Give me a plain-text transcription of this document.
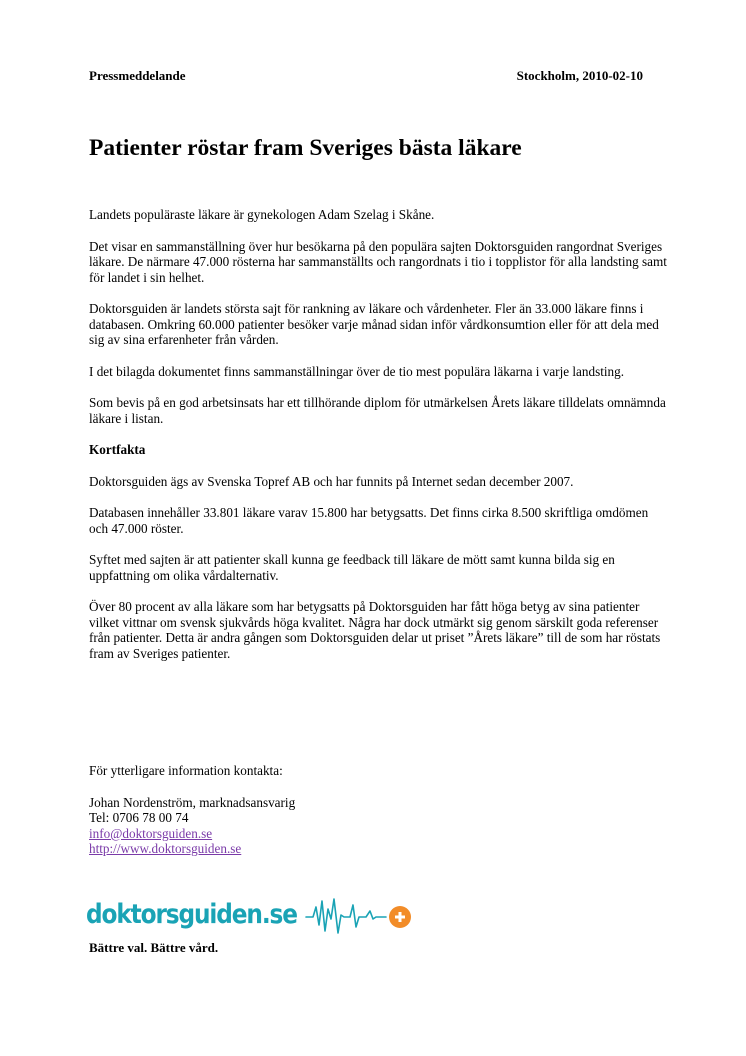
Pressmeddelande	Stockholm, 2010-02-10
Patienter röstar fram Sveriges bästa läkare

Landets populäraste läkare är gynekologen Adam Szelag i Skåne.

Det visar en sammanställning över hur besökarna på den populära sajten Doktorsguiden rangordnat Sveriges läkare. De närmare 47.000 rösterna har sammanställts och rangordnats i tio i topplistor för alla landsting samt för landet i sin helhet.

Doktorsguiden är landets största sajt för rankning av läkare och vårdenheter. Fler än 33.000 läkare finns i databasen. Omkring 60.000 patienter besöker varje månad sidan inför vårdkonsumtion eller för att dela med sig av sina erfarenheter från vården.

I det bilagda dokumentet finns sammanställningar över de tio mest populära läkarna i varje landsting.

Som bevis på en god arbetsinsats har ett tillhörande diplom för utmärkelsen Årets läkare tilldelats omnämnda läkare i listan.

Kortfakta

Doktorsguiden ägs av Svenska Topref AB och har funnits på Internet sedan december 2007.

Databasen innehåller 33.801 läkare varav 15.800 har betygsatts. Det finns cirka 8.500 skriftliga omdömen och 47.000 röster.

Syftet med sajten är att patienter skall kunna ge feedback till läkare de mött samt kunna bilda sig en uppfattning om olika vårdalternativ.

Över 80 procent av alla läkare som har betygsatts på Doktorsguiden har fått höga betyg av sina patienter vilket vittnar om svensk sjukvårds höga kvalitet. Några har dock utmärkt sig genom särskilt goda referenser från patienter. Detta är andra gången som Doktorsguiden delar ut priset ”Årets läkare” till de som har röstats fram av Sveriges patienter.

För ytterligare information kontakta:

Johan Nordenström, marknadsansvarig
Tel: 0706 78 00 74
info@doktorsguiden.se
http://www.doktorsguiden.se
doktorsguiden.se
Bättre val. Bättre vård.
